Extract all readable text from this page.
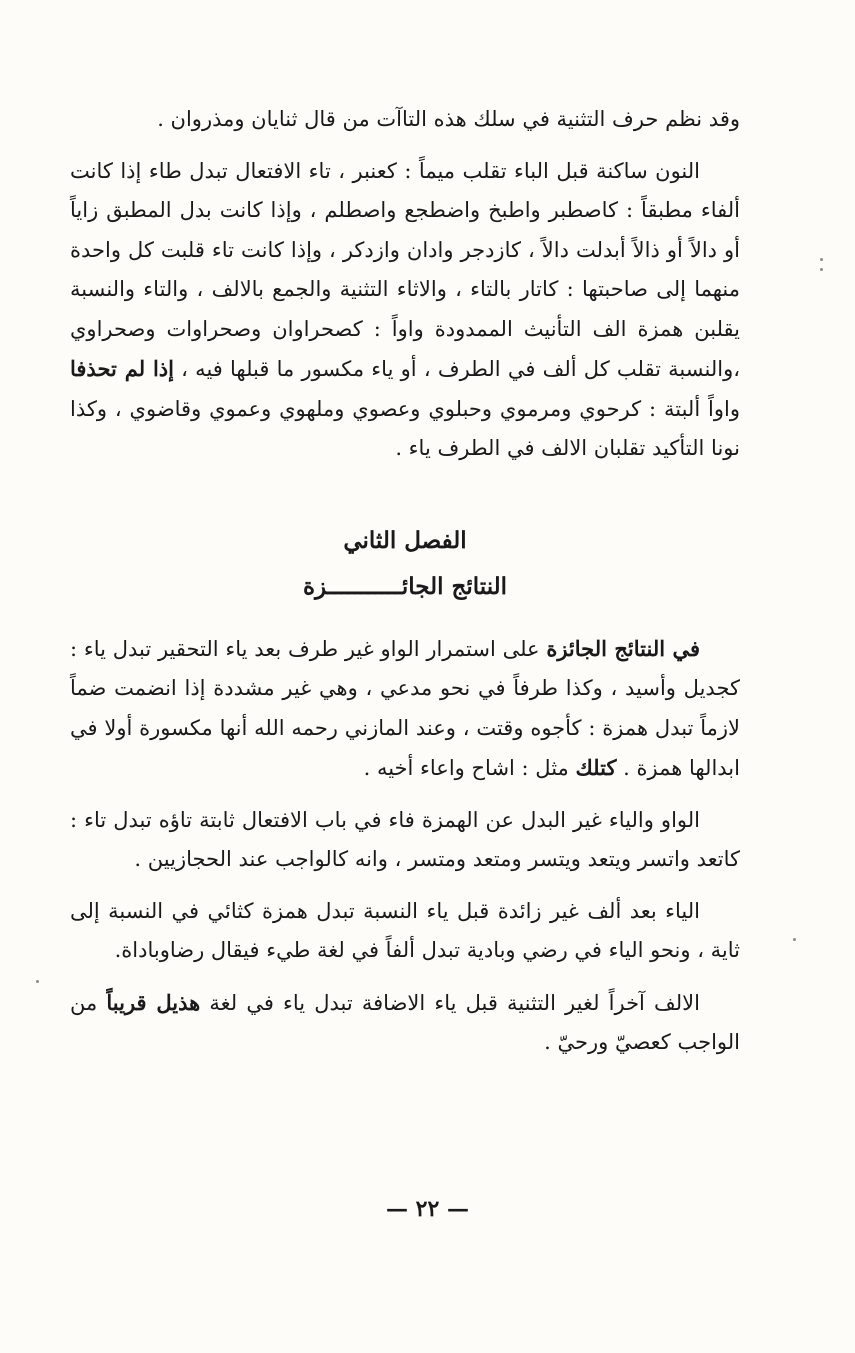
وقد نظم حرف التثنية في سلك هذه التاآت من قال ثنايان ومذروان .

النون ساكنة قبل الباء تقلب ميماً : كعنبر ، تاء الافتعال تبدل طاء إذا كانت ألفاء مطبقاً : كاصطبر واطبخ واضطجع واصطلم ، وإذا كانت بدل المطبق زاياً أو دالاً أو ذالاً أبدلت دالاً ، كازدجر وادان وازدكر ، وإذا كانت تاء قلبت كل واحدة منهما إلى صاحبتها : كاتار بالتاء ، والاثاء التثنية والجمع بالالف ، والتاء والنسبة يقلبن همزة الف التأنيث الممدودة واواً : كصحراوان وصحراوات وصحراوي ،والنسبة تقلب كل ألف في الطرف ، أو ياء مكسور ما قبلها فيه ، إذا لم تحذفا واواً ألبتة : كرحوي ومرموي وحبلوي وعصوي وملهوي وعموي وقاضوي ، وكذا نونا التأكيد تقلبان الالف في الطرف ياء .

الفصل الثاني
النتائج الجائـــــــــــزة

في النتائج الجائزة على استمرار الواو غير طرف بعد ياء التحقير تبدل ياء : كجديل وأسيد ، وكذا طرفاً في نحو مدعي ، وهي غير مشددة إذا انضمت ضماً لازماً تبدل همزة : كأجوه وقتت ، وعند المازني رحمه الله أنها مكسورة أولا في ابدالها همزة . كتلك مثل : اشاح واعاء أخيه .

الواو والياء غير البدل عن الهمزة فاء في باب الافتعال ثابتة تاؤه تبدل تاء : كاتعد واتسر ويتعد ويتسر ومتعد ومتسر ، وانه كالواجب عند الحجازيين .

الياء بعد ألف غير زائدة قبل ياء النسبة تبدل همزة كثائي في النسبة إلى ثاية ، ونحو الياء في رضي وبادية تبدل ألفاً في لغة طيء فيقال رضاوباداة.

الالف آخراً لغير التثنية قبل ياء الاضافة تبدل ياء في لغة هذيل قريباً من الواجب كعصيّ ورحيّ .

— ٢٢ —
